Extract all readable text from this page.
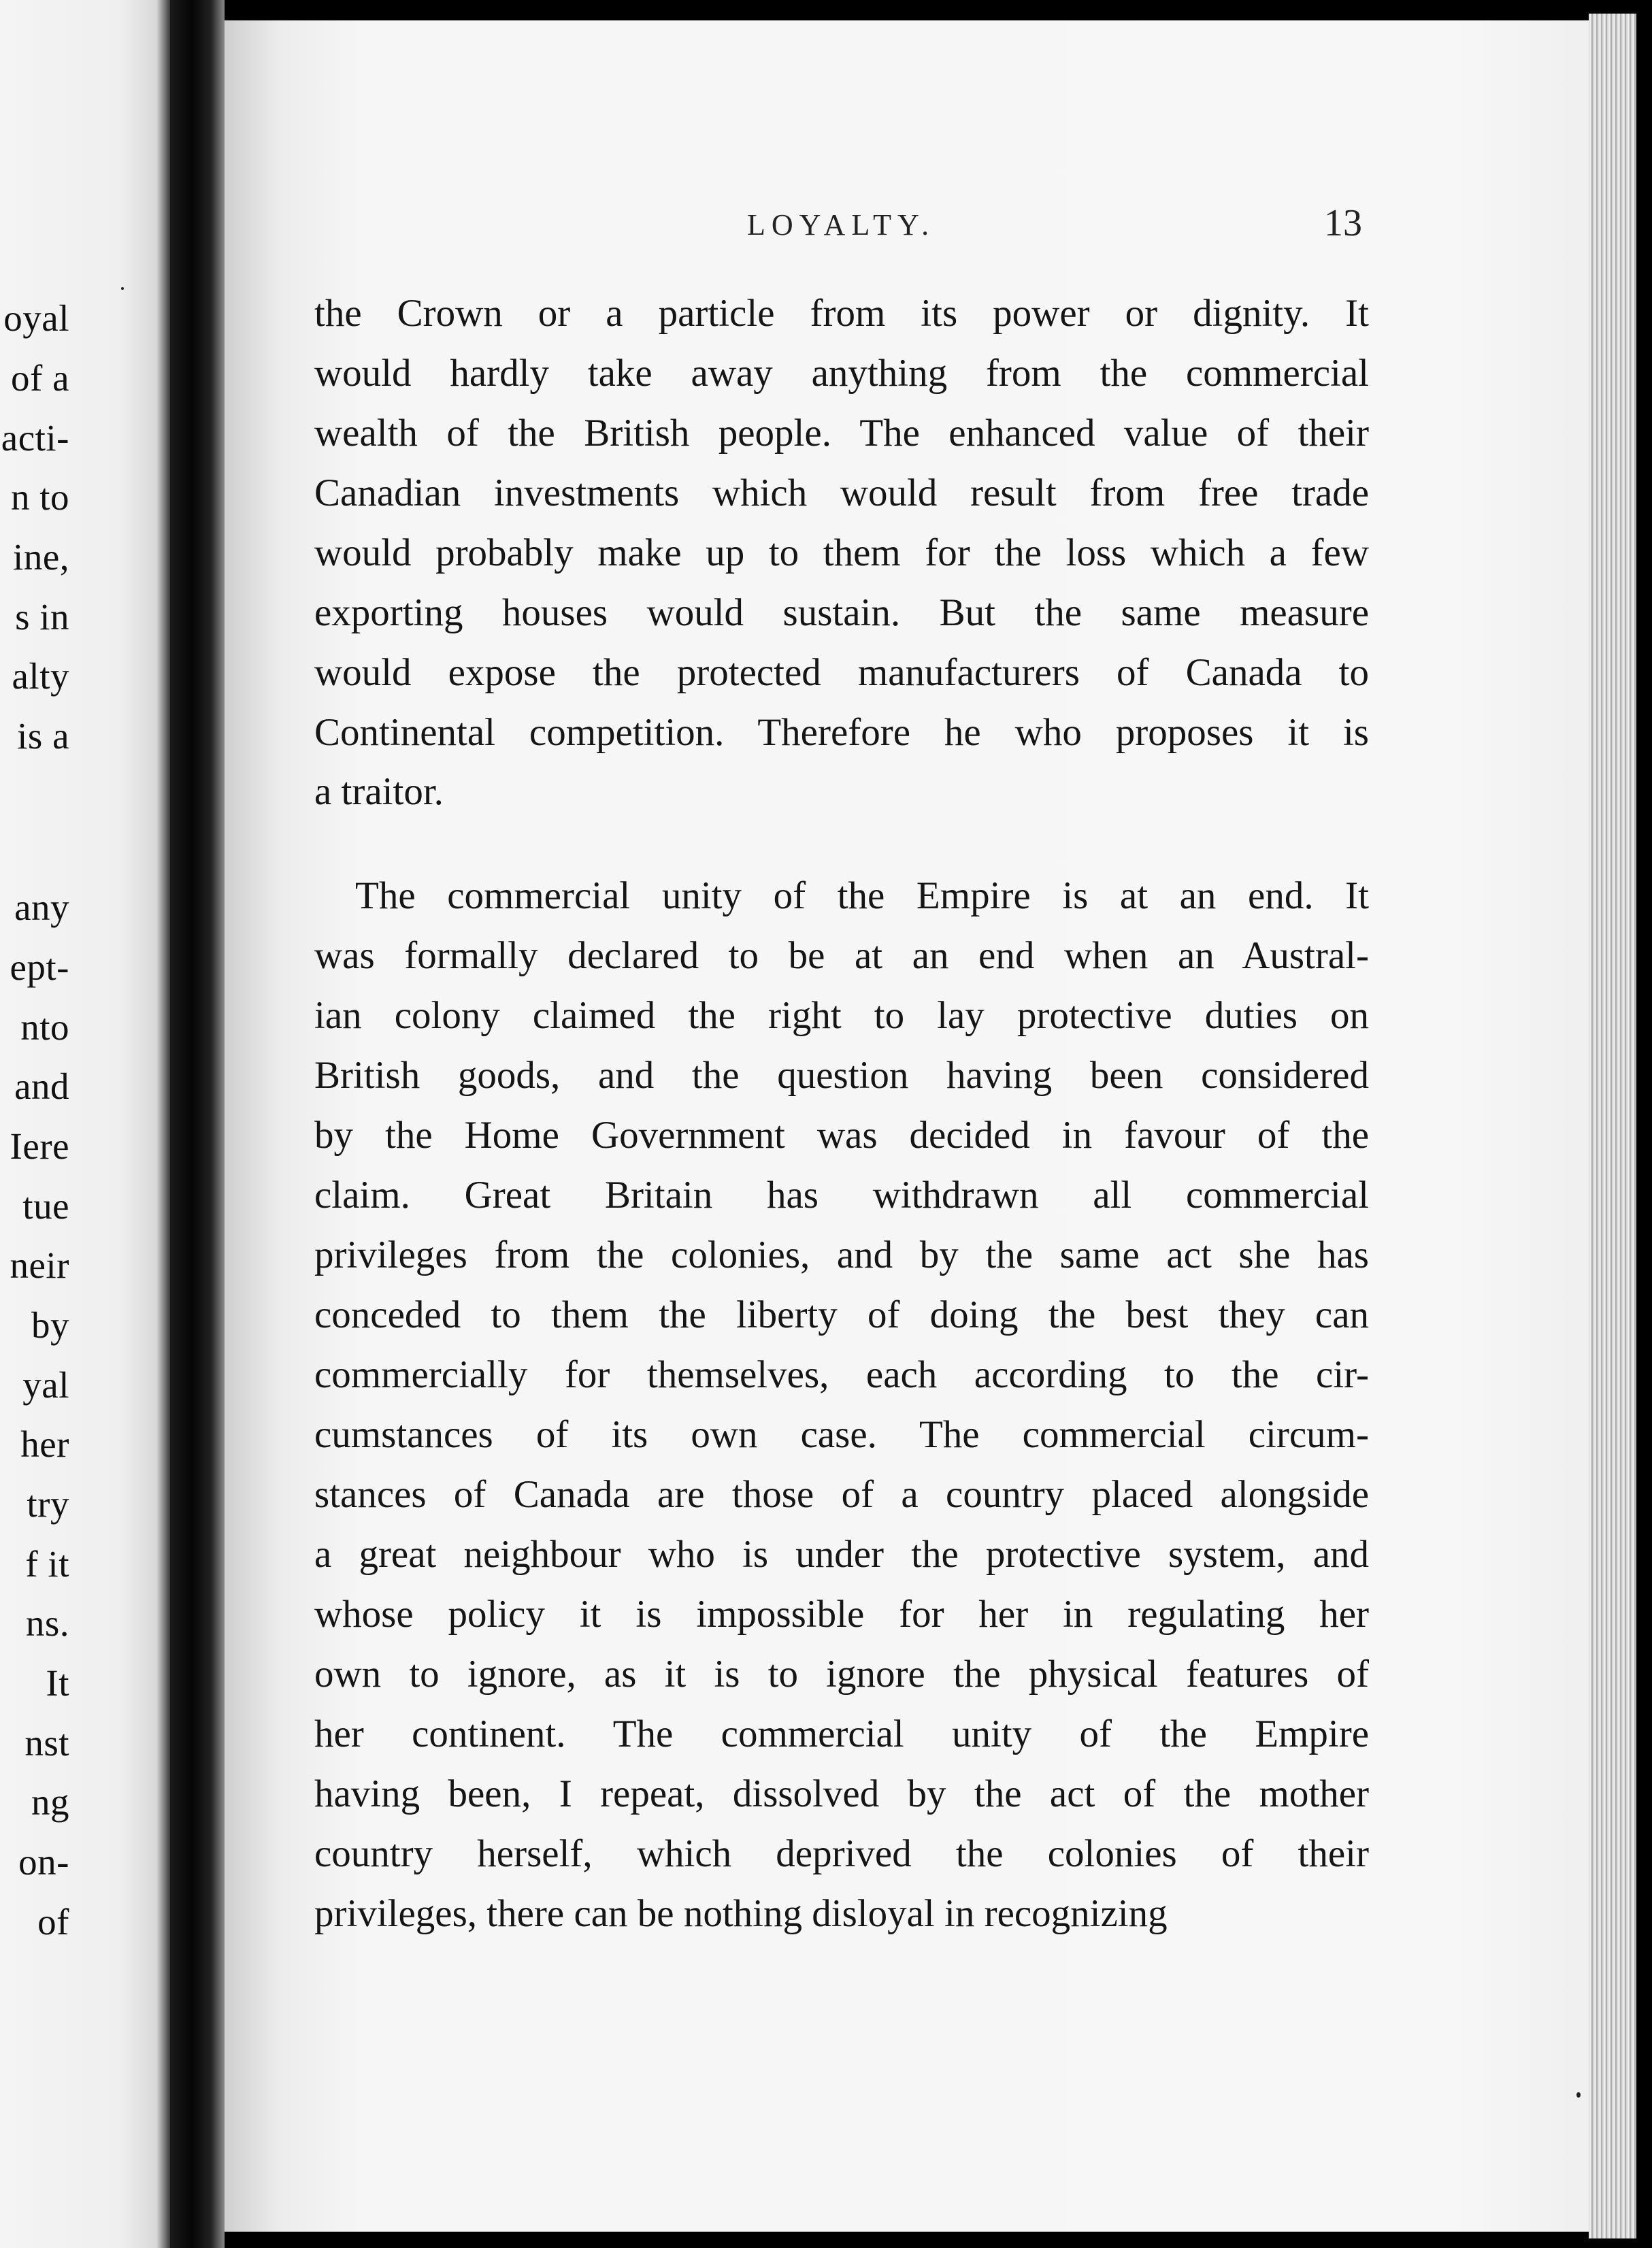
oyal
of a
acti-
n to
ine,
s in
alty
is a
any
ept-
nto
and
Iere
tue
neir
by
yal
her
try
f it
ns.
It
nst
ng
on-
of
LOYALTY.	13
the Crown or a particle from its power or dignity. It
would hardly take away anything from the commercial
wealth of the British people. The enhanced value of their
Canadian investments which would result from free trade
would probably make up to them for the loss which a few
exporting houses would sustain. But the same measure
would expose the protected manufacturers of Canada to
Continental competition. Therefore he who proposes it is
a traitor.
The commercial unity of the Empire is at an end. It
was formally declared to be at an end when an Austral-
ian colony claimed the right to lay protective duties on
British goods, and the question having been considered
by the Home Government was decided in favour of the
claim. Great Britain has withdrawn all commercial
privileges from the colonies, and by the same act she has
conceded to them the liberty of doing the best they can
commercially for themselves, each according to the cir-
cumstances of its own case. The commercial circum-
stances of Canada are those of a country placed alongside
a great neighbour who is under the protective system, and
whose policy it is impossible for her in regulating her
own to ignore, as it is to ignore the physical features of
her continent. The commercial unity of the Empire
having been, I repeat, dissolved by the act of the mother
country herself, which deprived the colonies of their
privileges, there can be nothing disloyal in recognizing
